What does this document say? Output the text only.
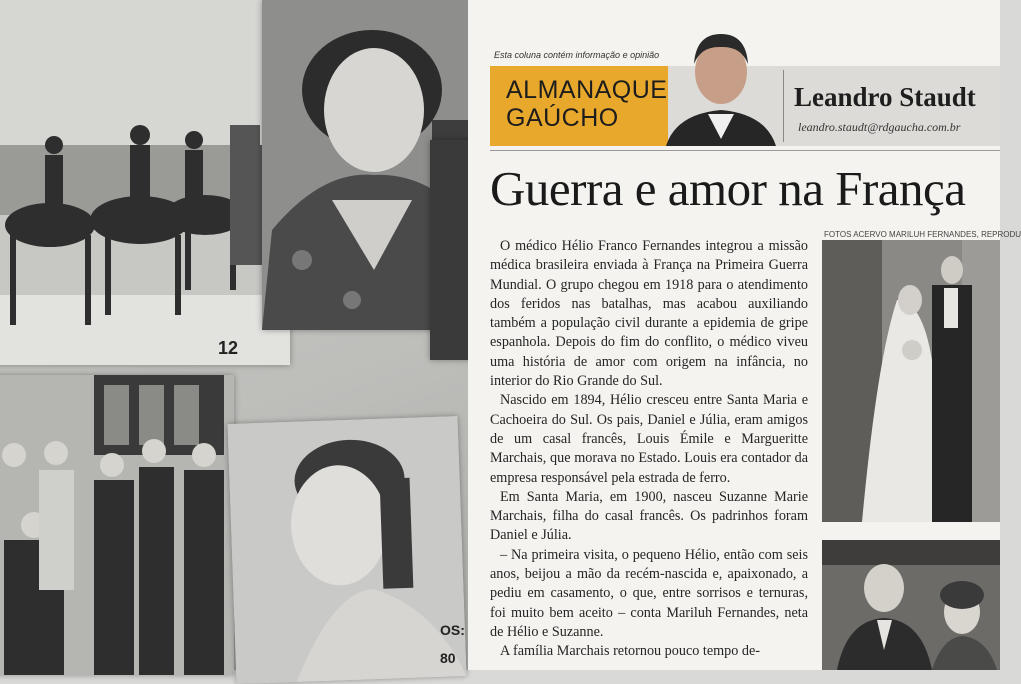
12
OS:
80
Esta coluna contém informação e opinião
ALMANAQUE
GAÚCHO
Leandro Staudt
leandro.staudt@rdgaucha.com.br
Guerra e amor na França

O médico Hélio Franco Fernandes integrou a missão médica brasileira enviada à França na Primeira Guerra Mundial. O grupo chegou em 1918 para o atendimento dos feridos nas batalhas, mas acabou auxiliando também a população civil durante a epidemia de gripe espanhola. Depois do fim do conflito, o médico viveu uma história de amor com origem na infância, no interior do Rio Grande do Sul.

Nascido em 1894, Hélio cresceu entre Santa Maria e Cachoeira do Sul. Os pais, Daniel e Júlia, eram amigos de um casal francês, Louis Émile e Margueritte Marchais, que morava no Estado. Louis era contador da empresa responsável pela estrada de ferro.

Em Santa Maria, em 1900, nasceu Suzanne Marie Marchais, filha do casal francês. Os padrinhos foram Daniel e Júlia.

– Na primeira visita, o pequeno Hélio, então com seis anos, beijou a mão da recém-nascida e, apaixonado, a pediu em casamento, o que, entre sorrisos e ternuras, foi muito bem aceito – conta Mariluh Fernandes, neta de Hélio e Suzanne.

A família Marchais retornou pouco tempo de-

FOTOS ACERVO MARILUH FERNANDES, REPRODU
